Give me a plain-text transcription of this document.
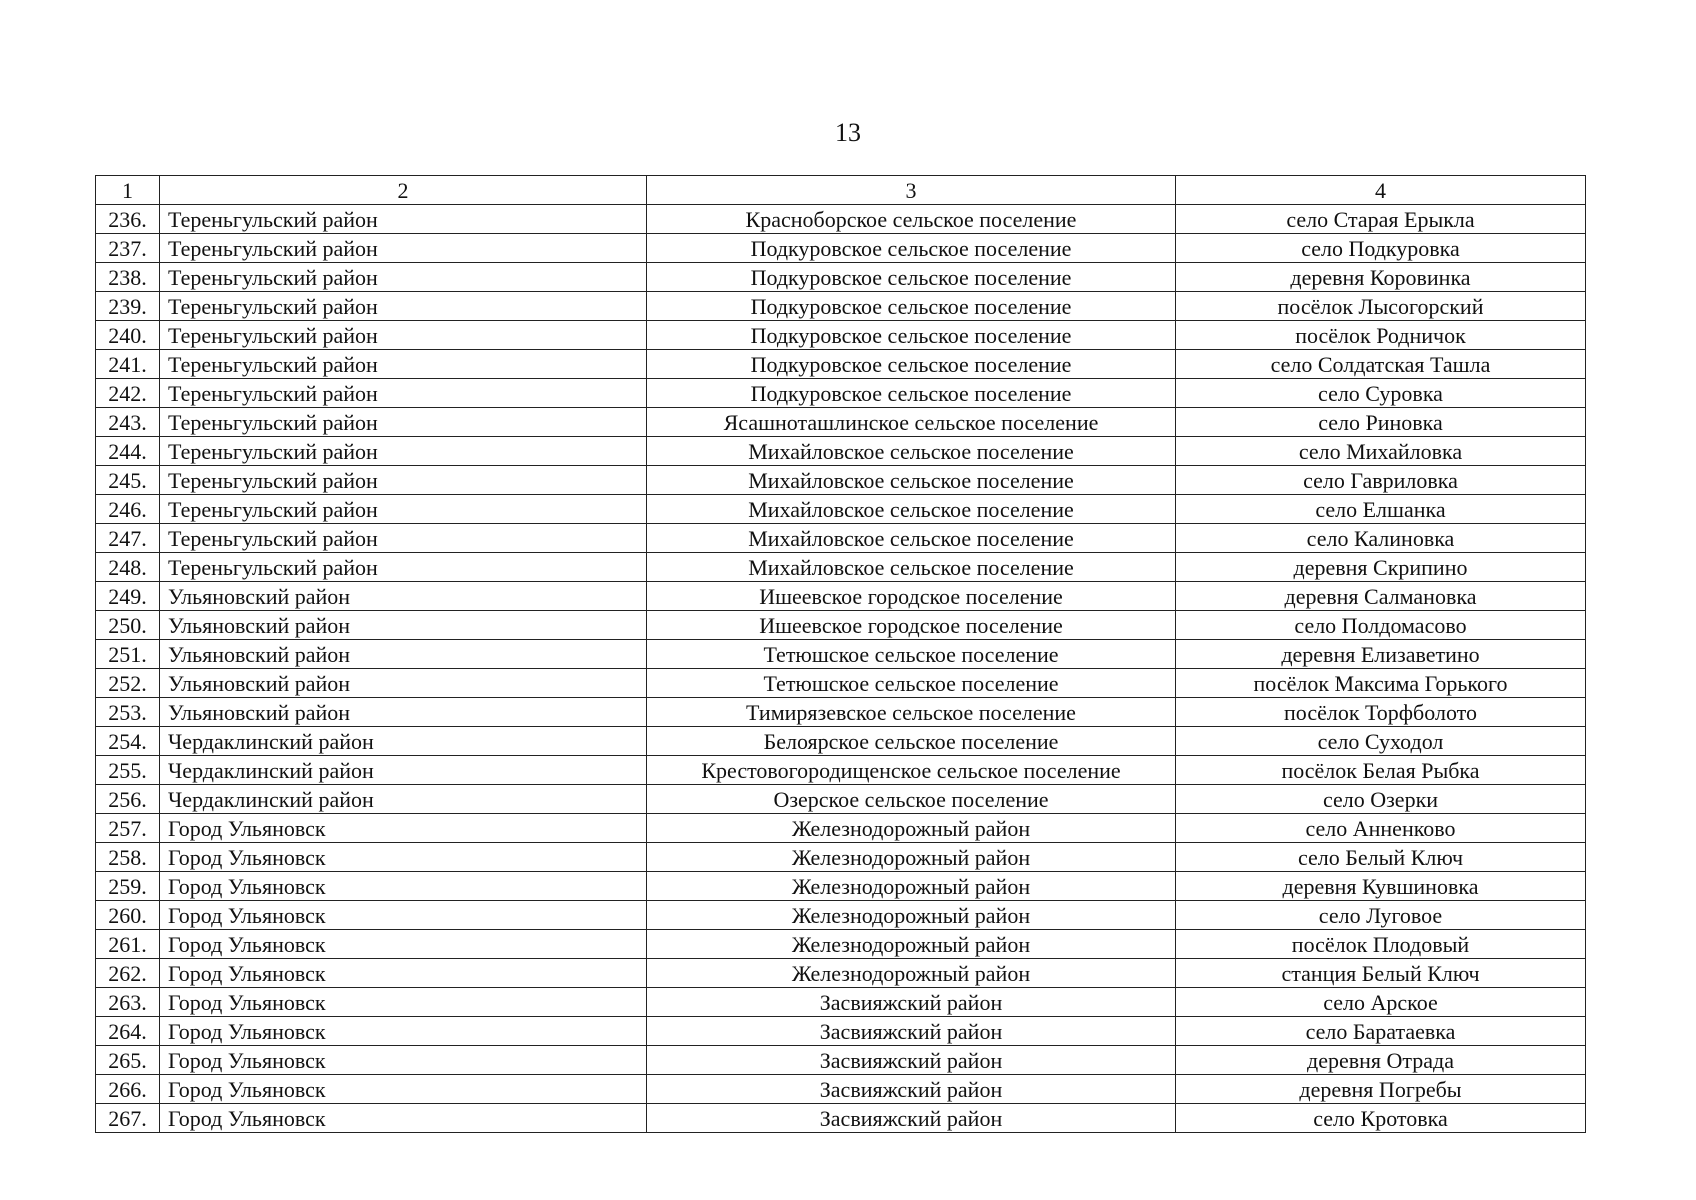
13
1	2	3	4
236.	Тереньгульский район	Красноборское сельское поселение	село Старая Ерыкла
237.	Тереньгульский район	Подкуровское сельское поселение	село Подкуровка
238.	Тереньгульский район	Подкуровское сельское поселение	деревня Коровинка
239.	Тереньгульский район	Подкуровское сельское поселение	посёлок Лысогорский
240.	Тереньгульский район	Подкуровское сельское поселение	посёлок Родничок
241.	Тереньгульский район	Подкуровское сельское поселение	село Солдатская Ташла
242.	Тереньгульский район	Подкуровское сельское поселение	село Суровка
243.	Тереньгульский район	Ясашноташлинское сельское поселение	село Риновка
244.	Тереньгульский район	Михайловское сельское поселение	село Михайловка
245.	Тереньгульский район	Михайловское сельское поселение	село Гавриловка
246.	Тереньгульский район	Михайловское сельское поселение	село Елшанка
247.	Тереньгульский район	Михайловское сельское поселение	село Калиновка
248.	Тереньгульский район	Михайловское сельское поселение	деревня Скрипино
249.	Ульяновский район	Ишеевское городское поселение	деревня Салмановка
250.	Ульяновский район	Ишеевское городское поселение	село Полдомасово
251.	Ульяновский район	Тетюшское сельское поселение	деревня Елизаветино
252.	Ульяновский район	Тетюшское сельское поселение	посёлок Максима Горького
253.	Ульяновский район	Тимирязевское сельское поселение	посёлок Торфболото
254.	Чердаклинский район	Белоярское сельское поселение	село Суходол
255.	Чердаклинский район	Крестовогородищенское сельское поселение	посёлок Белая Рыбка
256.	Чердаклинский район	Озерское сельское поселение	село Озерки
257.	Город Ульяновск	Железнодорожный район	село Анненково
258.	Город Ульяновск	Железнодорожный район	село Белый Ключ
259.	Город Ульяновск	Железнодорожный район	деревня Кувшиновка
260.	Город Ульяновск	Железнодорожный район	село Луговое
261.	Город Ульяновск	Железнодорожный район	посёлок Плодовый
262.	Город Ульяновск	Железнодорожный район	станция Белый Ключ
263.	Город Ульяновск	Засвияжский район	село Арское
264.	Город Ульяновск	Засвияжский район	село Баратаевка
265.	Город Ульяновск	Засвияжский район	деревня Отрада
266.	Город Ульяновск	Засвияжский район	деревня Погребы
267.	Город Ульяновск	Засвияжский район	село Кротовка
